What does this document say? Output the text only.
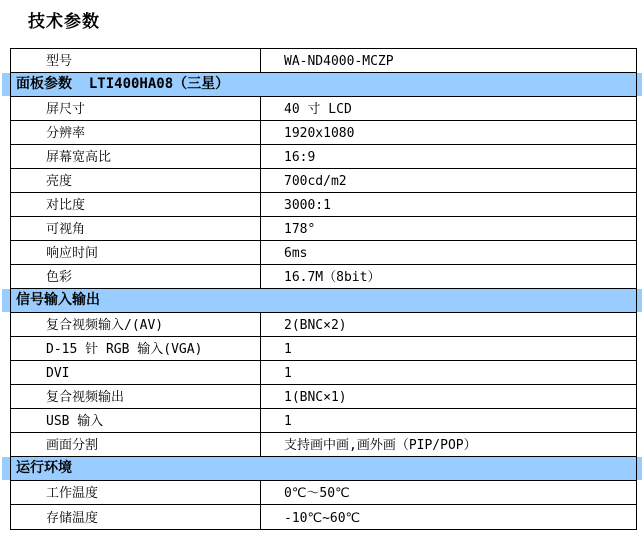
技术参数
型号	WA-ND4000-MCZP
面板参数  LTI400HA08（三星）
屏尺寸	40 寸 LCD
分辨率	1920x1080
屏幕宽高比	16:9
亮度	700cd/m2
对比度	3000:1
可视角	178°
响应时间	6ms
色彩	16.7M（8bit）
信号输入输出
复合视频输入/(AV)	2(BNC×2)
D-15 针 RGB 输入(VGA)	1
DVI	1
复合视频输出	1(BNC×1)
USB 输入	1
画面分割	支持画中画,画外画（PIP/POP）
运行环境
工作温度	0℃～50℃
存储温度	-10℃~60℃
